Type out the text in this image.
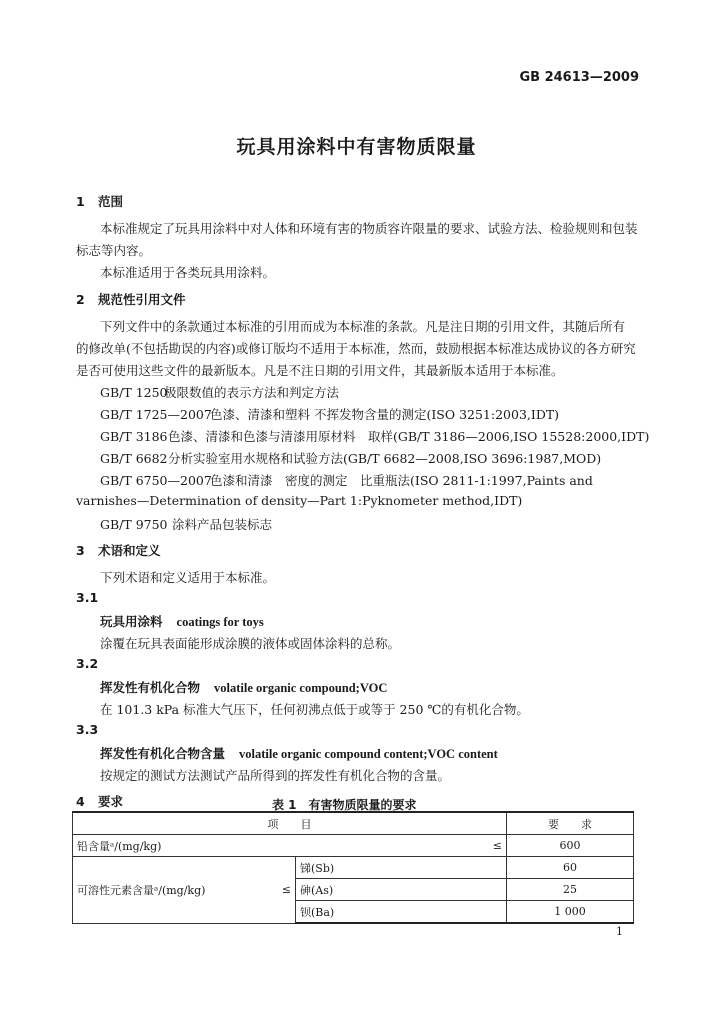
GB 24613—2009
玩具用涂料中有害物质限量
1 范围
本标准规定了玩具用涂料中对人体和环境有害的物质容许限量的要求、试验方法、检验规则和包装
标志等内容。
本标准适用于各类玩具用涂料。
2 规范性引用文件
下列文件中的条款通过本标准的引用而成为本标准的条款。凡是注日期的引用文件，其随后所有
的修改单(不包括勘误的内容)或修订版均不适用于本标准，然而，鼓励根据本标准达成协议的各方研究
是否可使用这些文件的最新版本。凡是不注日期的引用文件，其最新版本适用于本标准。
GB/T 1250极限数值的表示方法和判定方法
GB/T 1725—2007色漆、清漆和塑料 不挥发物含量的测定(ISO 3251:2003,IDT)
GB/T 3186色漆、清漆和色漆与清漆用原材料　取样(GB/T 3186—2006,ISO 15528:2000,IDT)
GB/T 6682分析实验室用水规格和试验方法(GB/T 6682—2008,ISO 3696:1987,MOD)
GB/T 6750—2007色漆和清漆　密度的测定　比重瓶法(ISO 2811-1:1997,Paints and
varnishes—Determination of density—Part 1:Pyknometer method,IDT)
GB/T 9750 涂料产品包装标志
3 术语和定义
下列术语和定义适用于本标准。
3.1
玩具用涂料 coatings for toys
涂覆在玩具表面能形成涂膜的液体或固体涂料的总称。
3.2
挥发性有机化合物 volatile organic compound;VOC
在 101.3 kPa 标准大气压下，任何初沸点低于或等于 250 ℃的有机化合物。
3.3
挥发性有机化合物含量 volatile organic compound content;VOC content
按规定的测试方法测试产品所得到的挥发性有机化合物的含量。
4 要求	表 1　有害物质限量的要求
项　　目			要　　求
铅含量ᵃ/(mg/kg)		≤	600
可溶性元素含量ᵃ/(mg/kg)	≤	锑(Sb)	60
		砷(As)	25
		钡(Ba)	1 000
1
